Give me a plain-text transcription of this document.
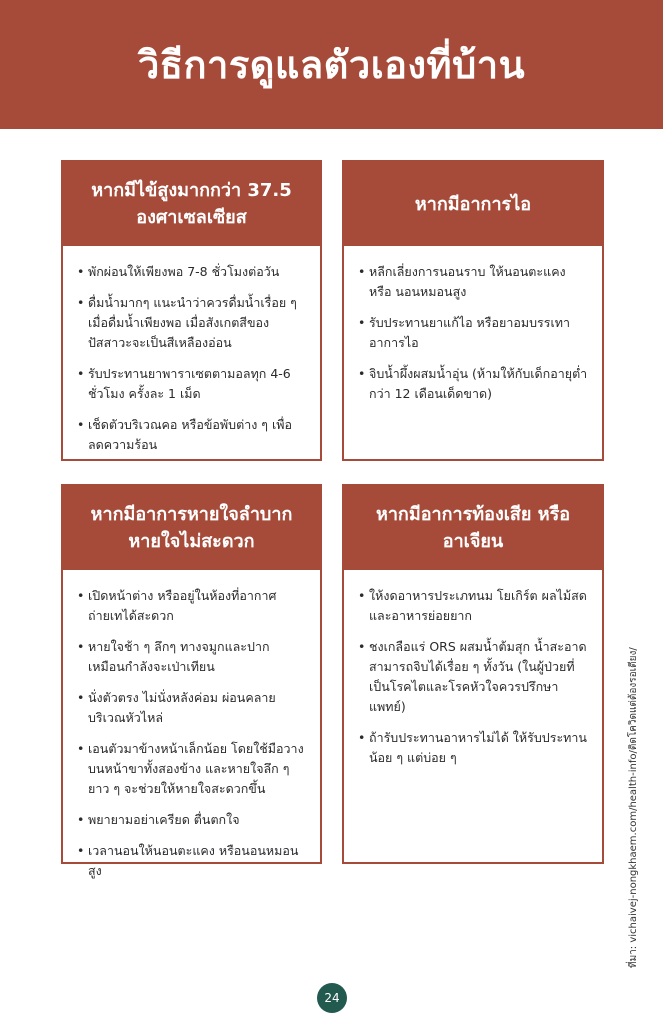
วิธีการดูแลตัวเองที่บ้าน
หากมีไข้สูงมากกว่า 37.5
องศาเซลเซียส
• พักผ่อนให้เพียงพอ 7-8 ชั่วโมงต่อวัน
• ดื่มน้ำมากๆ แนะนำว่าควรดื่มน้ำเรื่อย ๆ เมื่อดื่มน้ำเพียงพอ เมื่อสังเกตสีของปัสสาวะจะเป็นสีเหลืองอ่อน
• รับประทานยาพาราเซตตามอลทุก 4-6 ชั่วโมง ครั้งละ 1 เม็ด
• เช็ดตัวบริเวณคอ หรือข้อพับต่าง ๆ เพื่อลดความร้อน
หากมีอาการไอ
• หลีกเลี่ยงการนอนราบ ให้นอนตะแคง หรือ นอนหมอนสูง
• รับประทานยาแก้ไอ หรือยาอมบรรเทาอาการไอ
• จิบน้ำผึ้งผสมน้ำอุ่น (ห้ามให้กับเด็กอายุต่ำกว่า 12 เดือนเด็ดขาด)
หากมีอาการหายใจลำบาก
หายใจไม่สะดวก
• เปิดหน้าต่าง หรืออยู่ในห้องที่อากาศถ่ายเทได้สะดวก
• หายใจช้า ๆ ลึกๆ ทางจมูกและปาก เหมือนกำลังจะเป่าเทียน
• นั่งตัวตรง ไม่นั่งหลังค่อม ผ่อนคลายบริเวณหัวไหล่
• เอนตัวมาข้างหน้าเล็กน้อย โดยใช้มือวางบนหน้าขาทั้งสองข้าง และหายใจลึก ๆ ยาว ๆ จะช่วยให้หายใจสะดวกขึ้น
• พยายามอย่าเครียด ตื่นตกใจ
• เวลานอนให้นอนตะแคง หรือนอนหมอนสูง
หากมีอาการท้องเสีย หรือ
อาเจียน
• ให้งดอาหารประเภทนม โยเกิร์ต ผลไม้สด และอาหารย่อยยาก
• ชงเกลือแร่ ORS ผสมน้ำต้มสุก น้ำสะอาด สามารถจิบได้เรื่อย ๆ ทั้งวัน (ในผู้ป่วยที่เป็นโรคไตและโรคหัวใจควรปรึกษาแพทย์)
• ถ้ารับประทานอาหารไม่ได้ ให้รับประทานน้อย ๆ แต่บ่อย ๆ	ที่มา: vichaivej-nongkhaem.com/health-info/ติดโควิดแต่ต้องรอเตียง/
24
